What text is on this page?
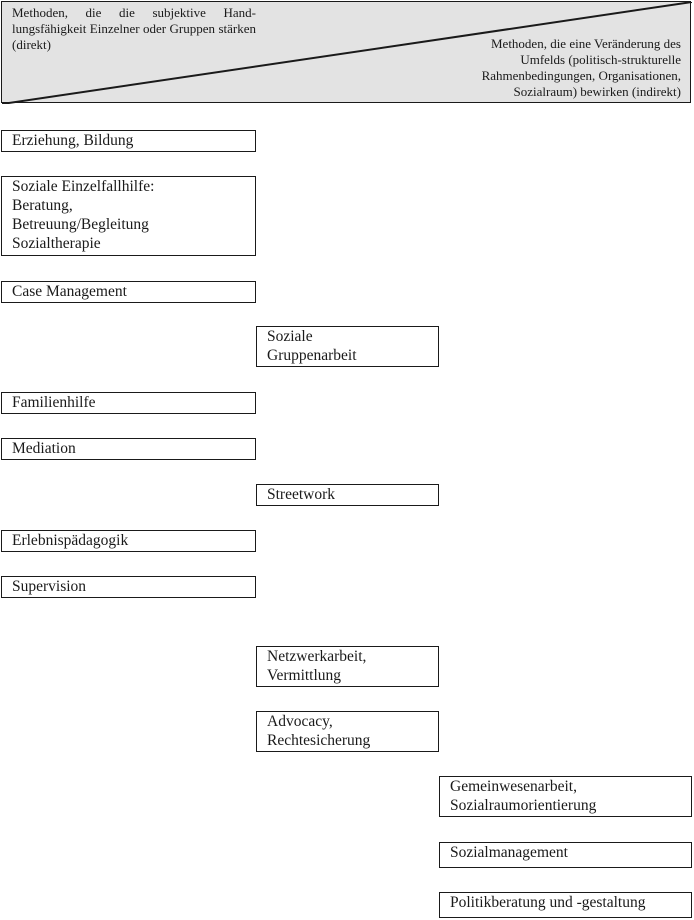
Methoden, die die subjektive Handlungsfähigkeit Einzelner oder Gruppen stärken (direkt)	Methoden, die eine Veränderung des Umfelds (politisch-strukturelle Rahmenbedingungen, Organisationen, Sozialraum) bewirken (indirekt)
Erziehung, Bildung
Soziale Einzelfallhilfe:
Beratung,
Betreuung/Begleitung
Sozialtherapie
Case Management
Soziale
Gruppenarbeit
Familienhilfe
Mediation
Streetwork
Erlebnispädagogik
Supervision
Netzwerkarbeit,
Vermittlung
Advocacy,
Rechtesicherung
Gemeinwesenarbeit,
Sozialraumorientierung
Sozialmanagement
Politikberatung und -gestaltung
